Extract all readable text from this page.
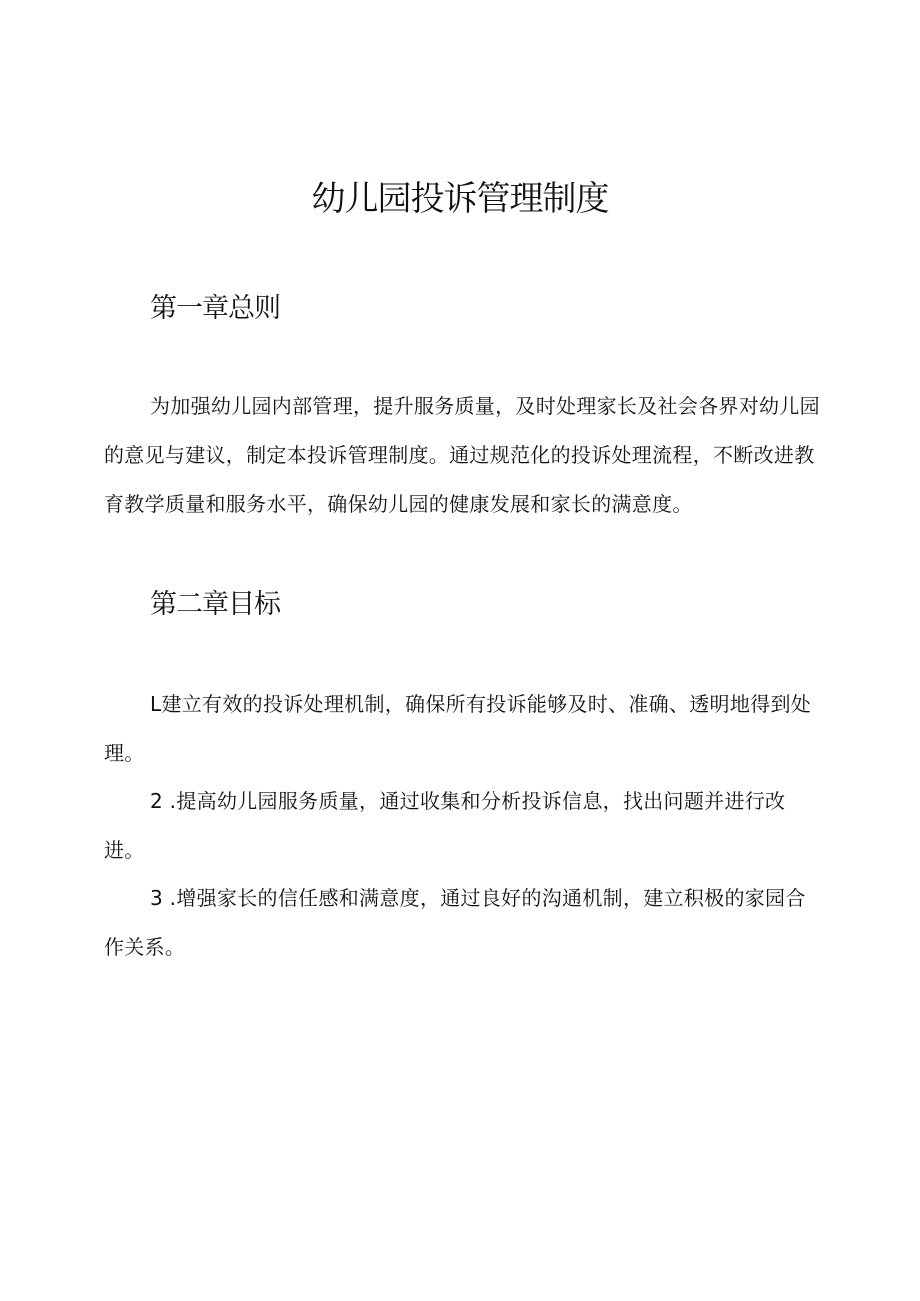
幼儿园投诉管理制度
第一章总则

为加强幼儿园内部管理，提升服务质量，及时处理家长及社会各界对幼儿园的意见与建议，制定本投诉管理制度。通过规范化的投诉处理流程，不断改进教育教学质量和服务水平，确保幼儿园的健康发展和家长的满意度。

第二章目标

L建立有效的投诉处理机制，确保所有投诉能够及时、准确、透明地得到处理。

2 .提高幼儿园服务质量，通过收集和分析投诉信息，找出问题并进行改进。

3 .增强家长的信任感和满意度，通过良好的沟通机制，建立积极的家园合作关系。
